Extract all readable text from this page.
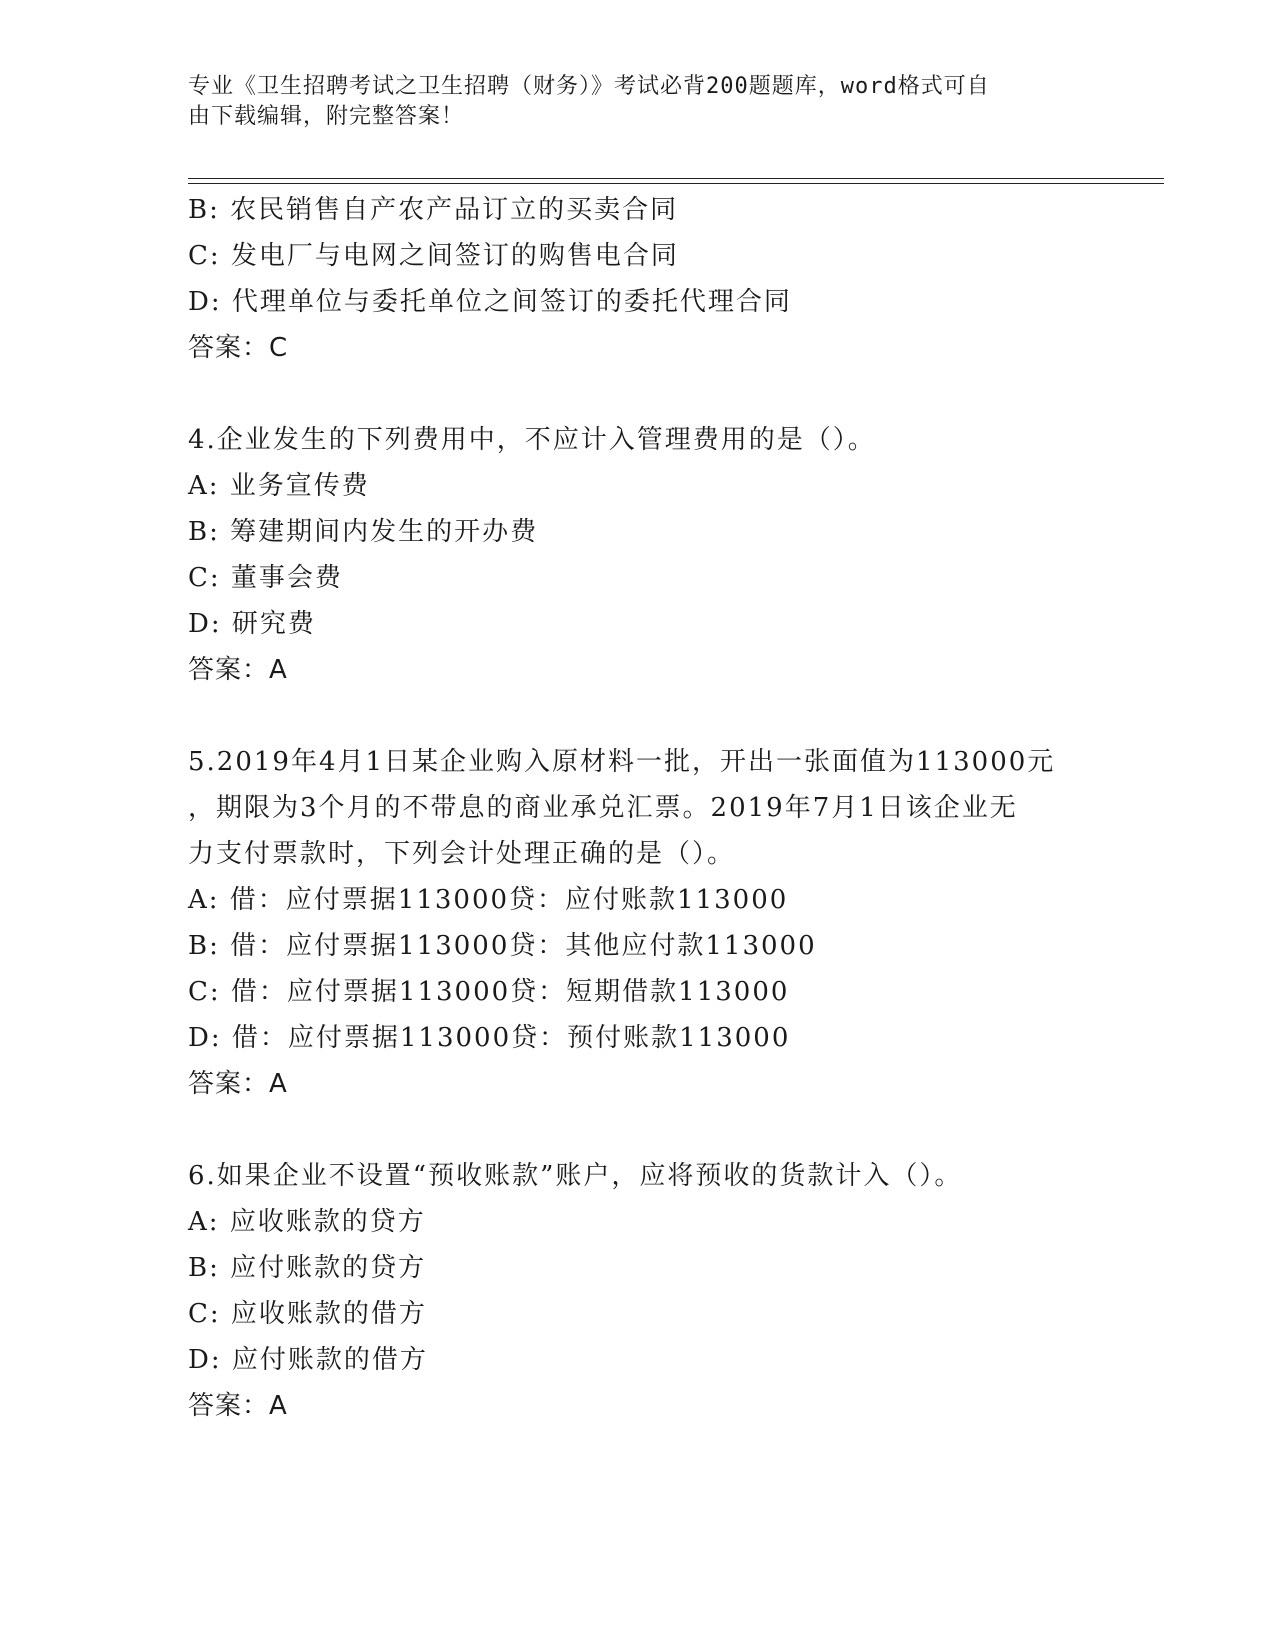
专业《卫生招聘考试之卫生招聘（财务）》考试必背200题题库，word格式可自
由下载编辑，附完整答案！
B: 农民销售自产农产品订立的买卖合同
C: 发电厂与电网之间签订的购售电合同
D: 代理单位与委托单位之间签订的委托代理合同
答案：C
4.企业发生的下列费用中，不应计入管理费用的是（）。
A: 业务宣传费
B: 筹建期间内发生的开办费
C: 董事会费
D: 研究费
答案：A
5.2019年4月1日某企业购入原材料一批，开出一张面值为113000元
，期限为3个月的不带息的商业承兑汇票。2019年7月1日该企业无
力支付票款时，下列会计处理正确的是（）。
A: 借：应付票据113000贷：应付账款113000
B: 借：应付票据113000贷：其他应付款113000
C: 借：应付票据113000贷：短期借款113000
D: 借：应付票据113000贷：预付账款113000
答案：A
6.如果企业不设置“预收账款”账户，应将预收的货款计入（）。
A: 应收账款的贷方
B: 应付账款的贷方
C: 应收账款的借方
D: 应付账款的借方
答案：A
